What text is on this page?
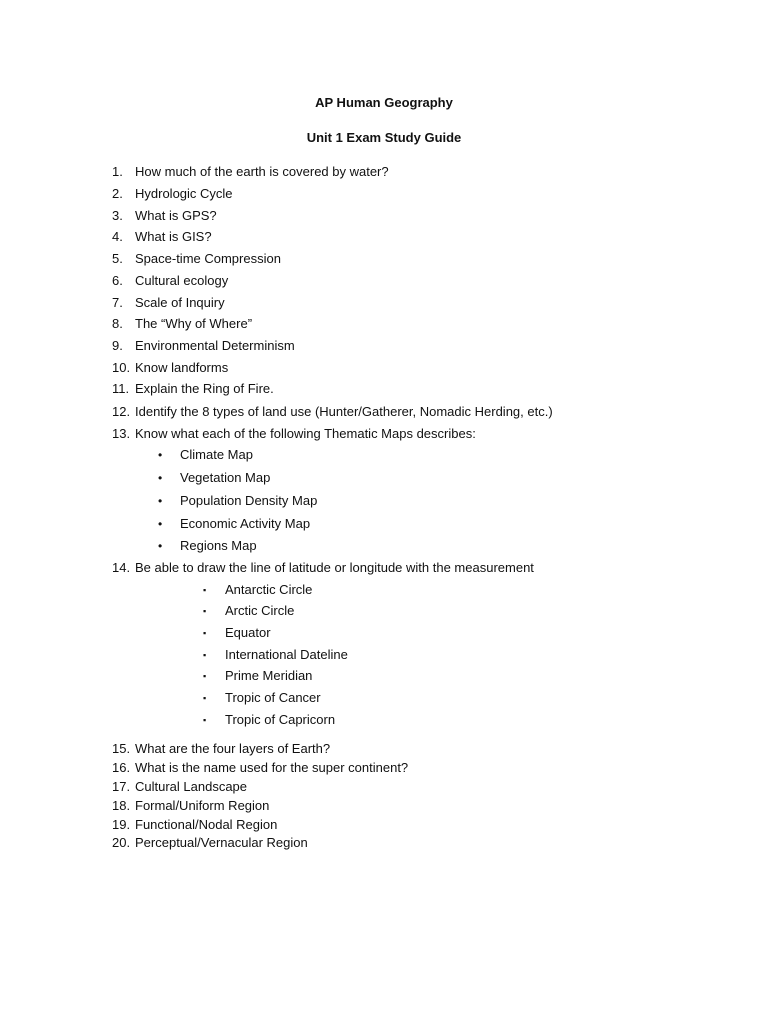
AP Human Geography
Unit 1 Exam Study Guide
1. How much of the earth is covered by water?
2. Hydrologic Cycle
3. What is GPS?
4. What is GIS?
5. Space-time Compression
6. Cultural ecology
7. Scale of Inquiry
8. The “Why of Where”
9. Environmental Determinism
10. Know landforms
11. Explain the Ring of Fire.
12. Identify the 8 types of land use (Hunter/Gatherer, Nomadic Herding, etc.)
13. Know what each of the following Thematic Maps describes:
• Climate Map
• Vegetation Map
• Population Density Map
• Economic Activity Map
• Regions Map
14. Be able to draw the line of latitude or longitude with the measurement
▪ Antarctic Circle
▪ Arctic Circle
▪ Equator
▪ International Dateline
▪ Prime Meridian
▪ Tropic of Cancer
▪ Tropic of Capricorn
15. What are the four layers of Earth?
16. What is the name used for the super continent?
17. Cultural Landscape
18. Formal/Uniform Region
19. Functional/Nodal Region
20. Perceptual/Vernacular Region
